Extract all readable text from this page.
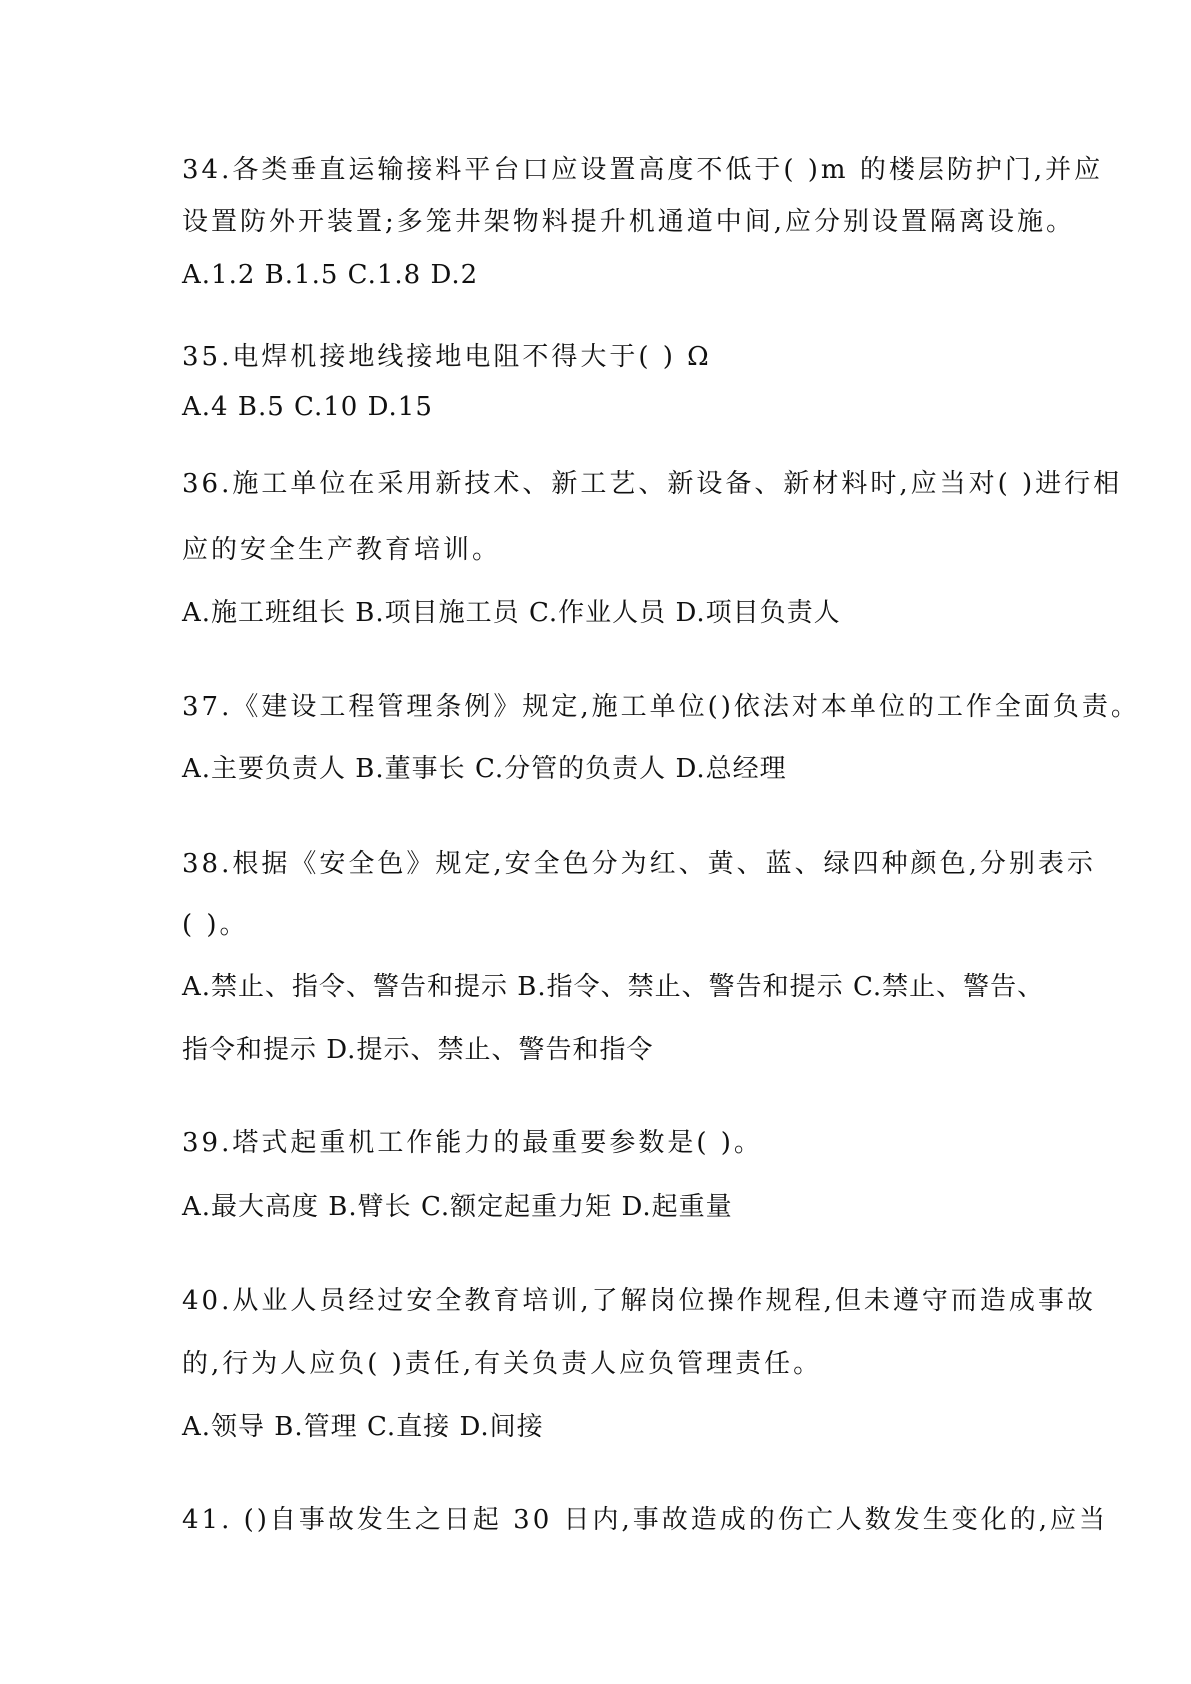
34.各类垂直运输接料平台口应设置高度不低于( )m 的楼层防护门,并应
设置防外开装置;多笼井架物料提升机通道中间,应分别设置隔离设施。
A.1.2 B.1.5 C.1.8 D.2
35.电焊机接地线接地电阻不得大于( ) Ω
A.4 B.5 C.10 D.15
36.施工单位在采用新技术、新工艺、新设备、新材料时,应当对( )进行相
应的安全生产教育培训。
A.施工班组长 B.项目施工员 C.作业人员 D.项目负责人
37.《建设工程管理条例》规定,施工单位()依法对本单位的工作全面负责。
A.主要负责人 B.董事长 C.分管的负责人 D.总经理
38.根据《安全色》规定,安全色分为红、黄、蓝、绿四种颜色,分别表示
( )。
A.禁止、指令、警告和提示 B.指令、禁止、警告和提示 C.禁止、警告、
指令和提示 D.提示、禁止、警告和指令
39.塔式起重机工作能力的最重要参数是( )。
A.最大高度 B.臂长 C.额定起重力矩 D.起重量
40.从业人员经过安全教育培训,了解岗位操作规程,但未遵守而造成事故
的,行为人应负( )责任,有关负责人应负管理责任。
A.领导 B.管理 C.直接 D.间接
41. ()自事故发生之日起 30 日内,事故造成的伤亡人数发生变化的,应当
